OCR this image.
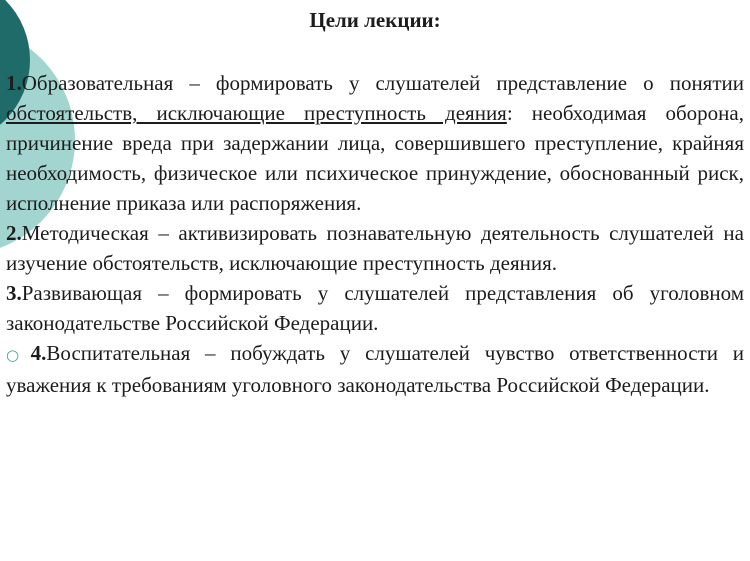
Цели лекции:

1.Образовательная – формировать у слушателей представление о понятии обстоятельств, исключающие преступность деяния: необходимая оборона, причинение вреда при задержании лица, совершившего преступление, крайняя необходимость, физическое или психическое принуждение, обоснованный риск, исполнение приказа или распоряжения.

2.Методическая – активизировать познавательную деятельность слушателей на изучение обстоятельств, исключающие преступность деяния.

3.Развивающая – формировать у слушателей представления об уголовном законодательстве Российской Федерации.

○4.Воспитательная – побуждать у слушателей чувство ответственности и уважения к требованиям уголовного законодательства Российской Федерации.
